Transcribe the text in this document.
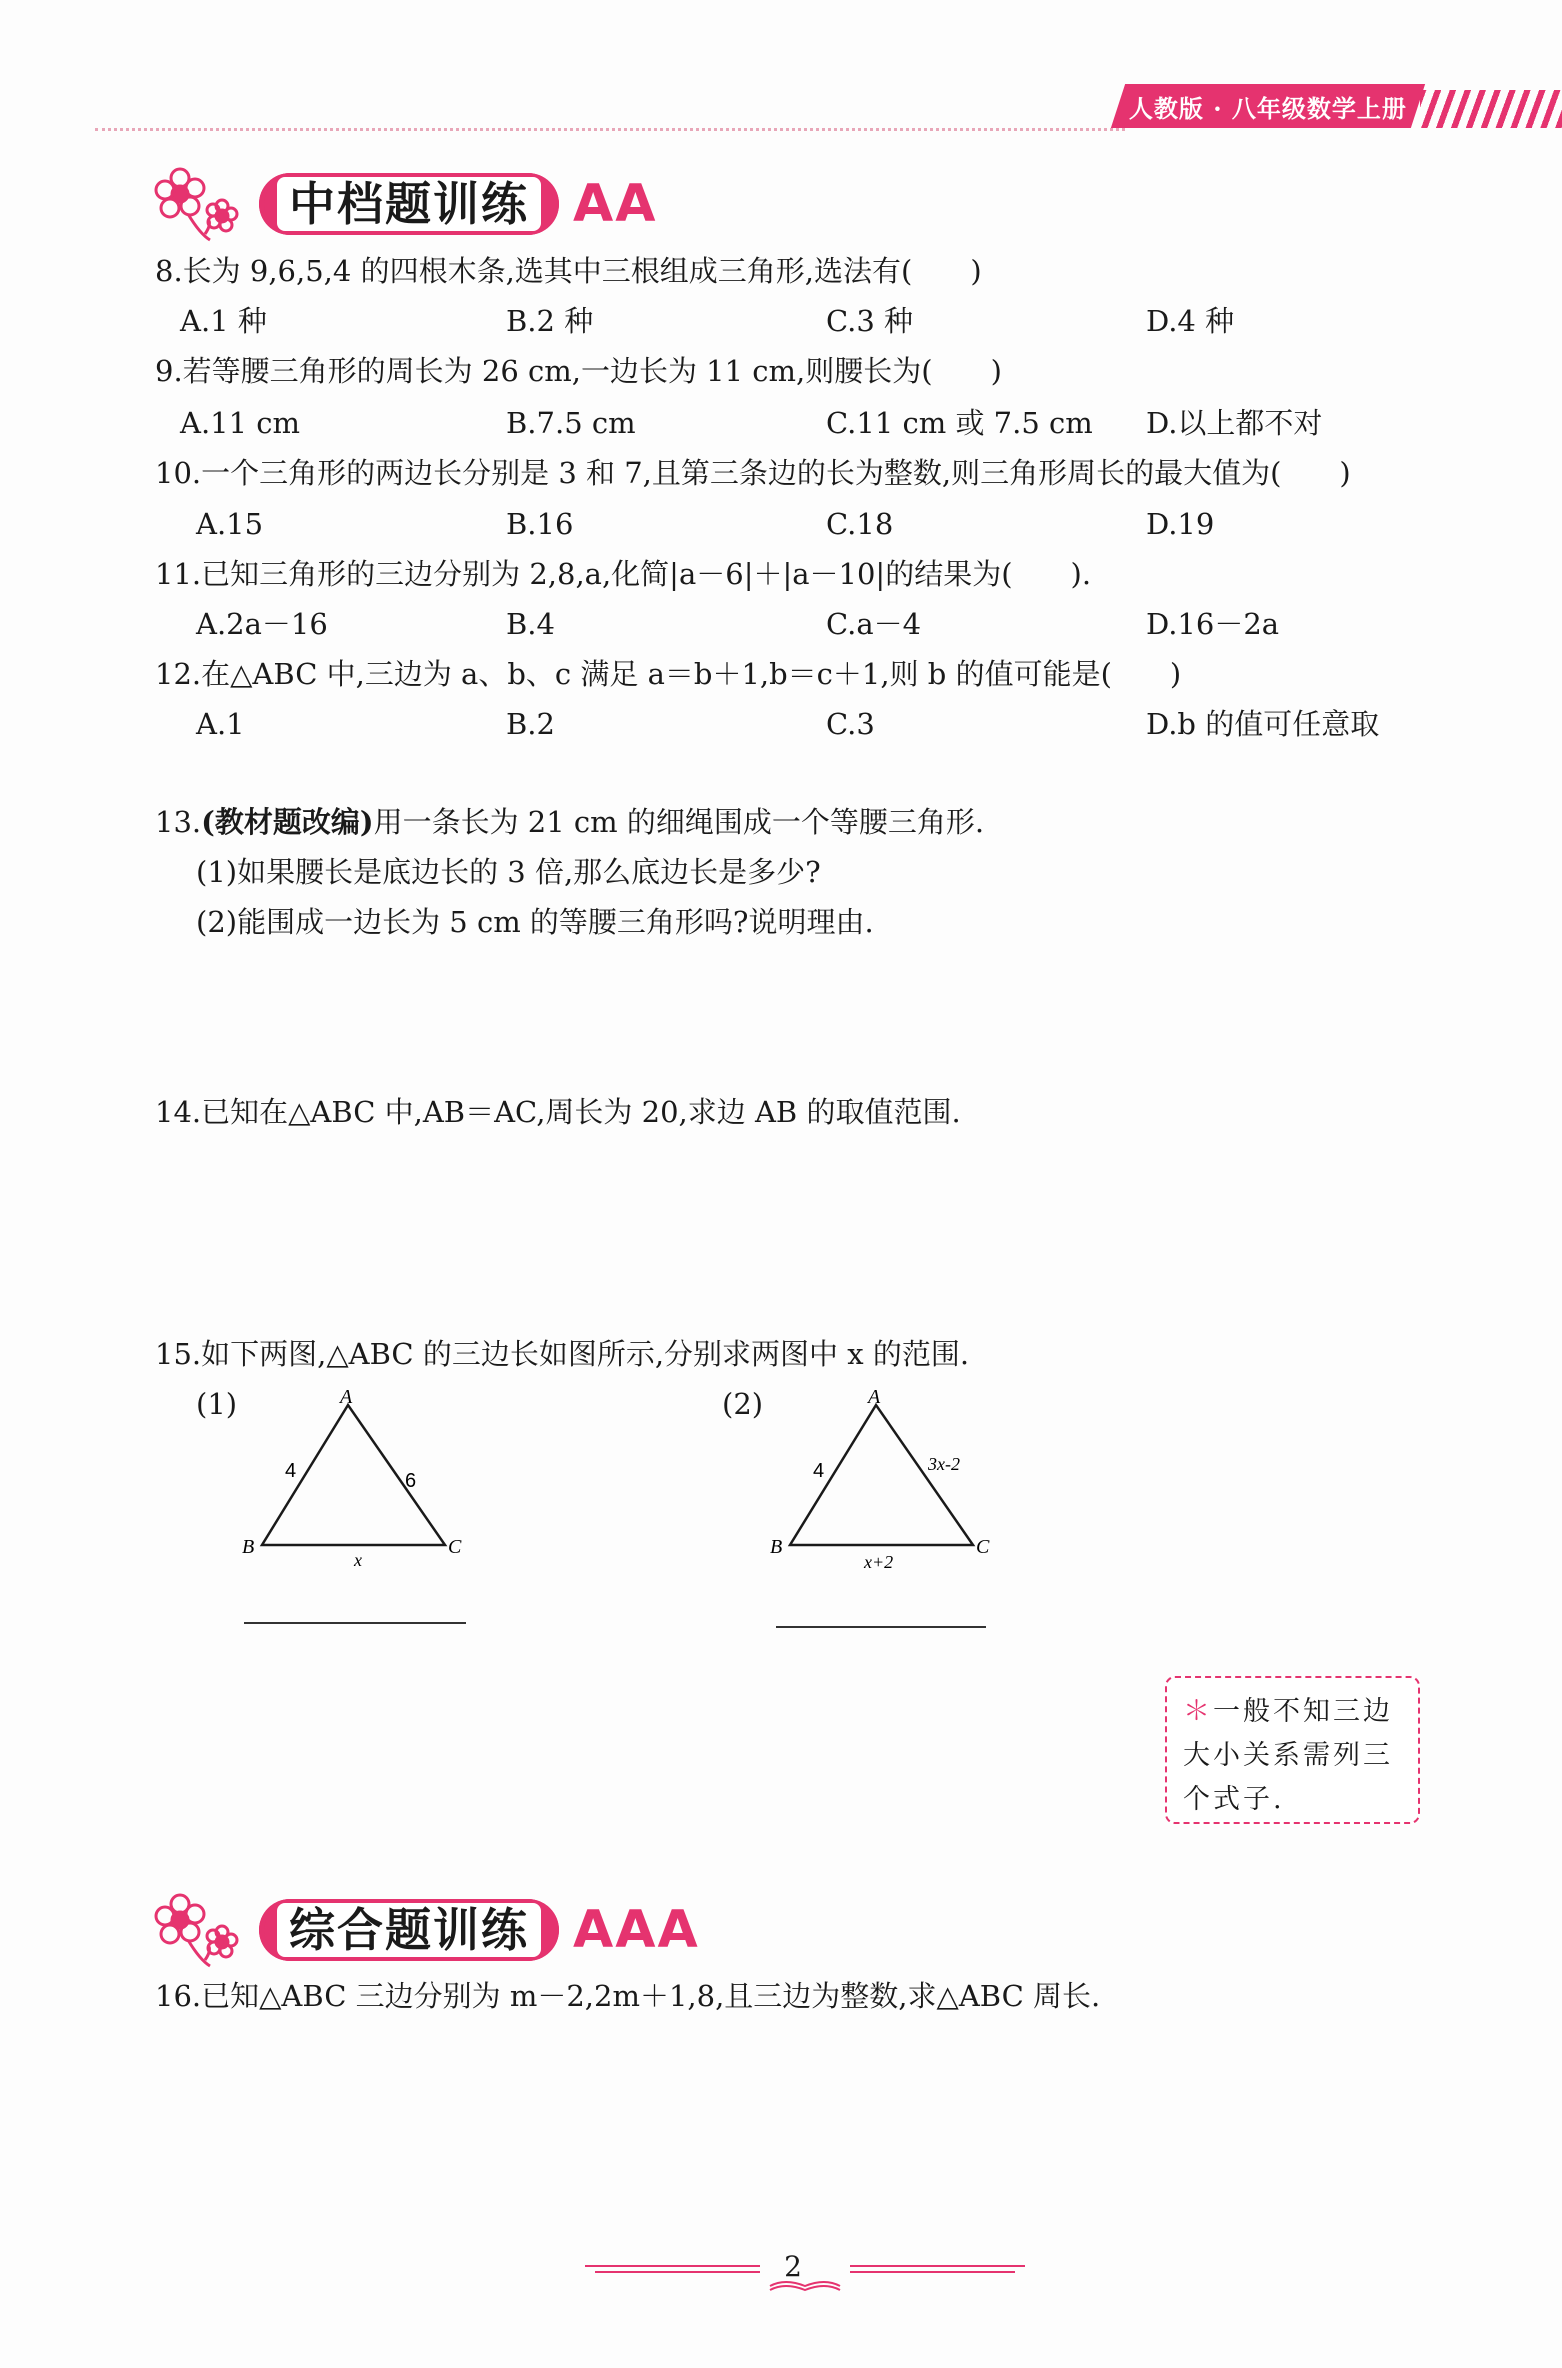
人教版 · 八年级数学上册
中档题训练 AA
8.长为 9,6,5,4 的四根木条,选其中三根组成三角形,选法有(　　)
A.1 种	B.2 种	C.3 种	D.4 种
9.若等腰三角形的周长为 26 cm,一边长为 11 cm,则腰长为(　　)
A.11 cm	B.7.5 cm	C.11 cm 或 7.5 cm D.以上都不对
10.一个三角形的两边长分别是 3 和 7,且第三条边的长为整数,则三角形周长的最大值为(　　)
A.15	B.16	C.18	D.19
11.已知三角形的三边分别为 2,8,a,化简|a－6|＋|a－10|的结果为(　　).
A.2a－16	B.4	C.a－4	D.16－2a
12.在△ABC 中,三边为 a、b、c 满足 a＝b＋1,b＝c＋1,则 b 的值可能是(　　)
A.1	B.2	C.3	D.b 的值可任意取
13.(教材题改编)用一条长为 21 cm 的细绳围成一个等腰三角形.
(1)如果腰长是底边长的 3 倍,那么底边长是多少?
(2)能围成一边长为 5 cm 的等腰三角形吗?说明理由.
14.已知在△ABC 中,AB＝AC,周长为 20,求边 AB 的取值范围.
15.如下两图,△ABC 的三边长如图所示,分别求两图中 x 的范围.
(1)	A
B	C
4	6
x
(2)	A
B	C
4	3x-2
x+2
＊一般不知三边大小关系需列三个式子.
综合题训练 AAA
16.已知△ABC 三边分别为 m－2,2m＋1,8,且三边为整数,求△ABC 周长.
2
